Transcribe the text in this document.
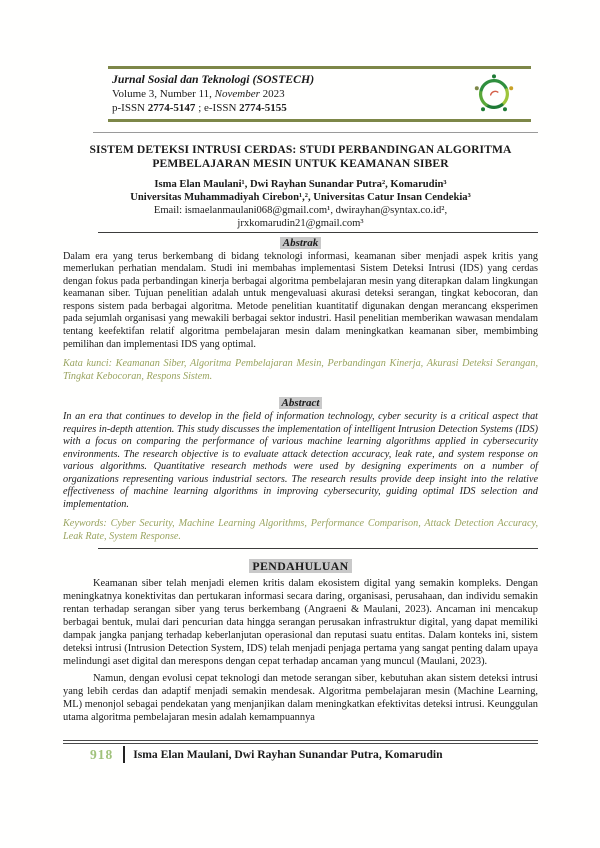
Jurnal Sosial dan Teknologi (SOSTECH)
Volume 3, Number 11, November 2023
p-ISSN 2774-5147 ; e-ISSN 2774-5155
SISTEM DETEKSI INTRUSI CERDAS: STUDI PERBANDINGAN ALGORITMA
PEMBELAJARAN MESIN UNTUK KEAMANAN SIBER
Isma Elan Maulani¹, Dwi Rayhan Sunandar Putra², Komarudin³
Universitas Muhammadiyah Cirebon¹,², Universitas Catur Insan Cendekia³
Email: ismaelanmaulani068@gmail.com¹, dwirayhan@syntax.co.id²,
jrxkomarudin21@gmail.com³
Abstrak

Dalam era yang terus berkembang di bidang teknologi informasi, keamanan siber menjadi aspek kritis yang memerlukan perhatian mendalam. Studi ini membahas implementasi Sistem Deteksi Intrusi (IDS) yang cerdas dengan fokus pada perbandingan kinerja berbagai algoritma pembelajaran mesin yang diterapkan dalam lingkungan keamanan siber. Tujuan penelitian adalah untuk mengevaluasi akurasi deteksi serangan, tingkat kebocoran, dan respons sistem pada berbagai algoritma. Metode penelitian kuantitatif digunakan dengan merancang eksperimen pada sejumlah organisasi yang mewakili berbagai sektor industri. Hasil penelitian memberikan wawasan mendalam tentang keefektifan relatif algoritma pembelajaran mesin dalam meningkatkan keamanan siber, membimbing pemilihan dan implementasi IDS yang optimal.

Kata kunci: Keamanan Siber, Algoritma Pembelajaran Mesin, Perbandingan Kinerja, Akurasi Deteksi Serangan, Tingkat Kebocoran, Respons Sistem.

Abstract

In an era that continues to develop in the field of information technology, cyber security is a critical aspect that requires in-depth attention. This study discusses the implementation of intelligent Intrusion Detection Systems (IDS) with a focus on comparing the performance of various machine learning algorithms applied in cybersecurity environments. The research objective is to evaluate attack detection accuracy, leak rate, and system response on various algorithms. Quantitative research methods were used by designing experiments on a number of organizations representing various industrial sectors. The research results provide deep insight into the relative effectiveness of machine learning algorithms in improving cybersecurity, guiding optimal IDS selection and implementation.

Keywords: Cyber Security, Machine Learning Algorithms, Performance Comparison, Attack Detection Accuracy, Leak Rate, System Response.

PENDAHULUAN

Keamanan siber telah menjadi elemen kritis dalam ekosistem digital yang semakin kompleks. Dengan meningkatnya konektivitas dan pertukaran informasi secara daring, organisasi, perusahaan, dan individu semakin rentan terhadap serangan siber yang terus berkembang (Angraeni & Maulani, 2023). Ancaman ini mencakup berbagai bentuk, mulai dari pencurian data hingga serangan perusakan infrastruktur digital, yang dapat memiliki dampak jangka panjang terhadap keberlanjutan operasional dan reputasi suatu entitas. Dalam konteks ini, sistem deteksi intrusi (Intrusion Detection System, IDS) telah menjadi penjaga pertama yang sangat penting dalam upaya melindungi aset digital dan merespons dengan cepat terhadap ancaman yang muncul (Maulani, 2023).

Namun, dengan evolusi cepat teknologi dan metode serangan siber, kebutuhan akan sistem deteksi intrusi yang lebih cerdas dan adaptif menjadi semakin mendesak. Algoritma pembelajaran mesin (Machine Learning, ML) menonjol sebagai pendekatan yang menjanjikan dalam meningkatkan efektivitas deteksi intrusi. Keunggulan utama algoritma pembelajaran mesin adalah kemampuannya

918 Isma Elan Maulani, Dwi Rayhan Sunandar Putra, Komarudin
